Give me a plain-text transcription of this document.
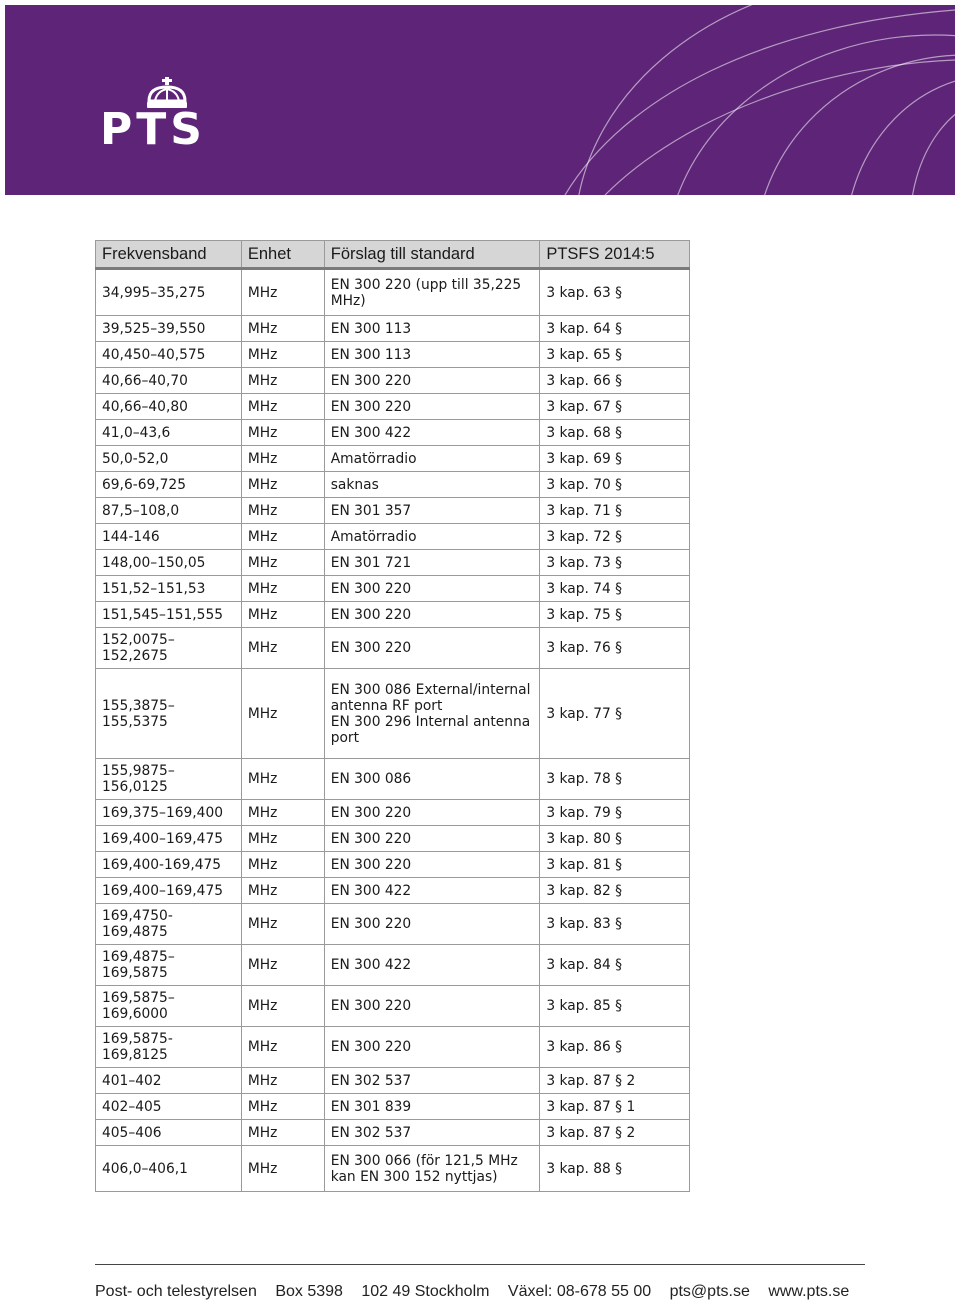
PTS
Frekvensband	Enhet	Förslag till standard	PTSFS 2014:5

34,995–35,275	MHz	EN 300 220 (upp till 35,225
MHz)	3 kap. 63 §

39,525–39,550	MHz	EN 300 113	3 kap. 64 §

40,450–40,575	MHz	EN 300 113	3 kap. 65 §

40,66–40,70	MHz	EN 300 220	3 kap. 66 §

40,66–40,80	MHz	EN 300 220	3 kap. 67 §

41,0–43,6	MHz	EN 300 422	3 kap. 68 §

50,0-52,0	MHz	Amatörradio	3 kap. 69 §

69,6-69,725	MHz	saknas	3 kap. 70 §

87,5–108,0	MHz	EN 301 357	3 kap. 71 §

144-146	MHz	Amatörradio	3 kap. 72 §

148,00–150,05	MHz	EN 301 721	3 kap. 73 §

151,52–151,53	MHz	EN 300 220	3 kap. 74 §

151,545–151,555	MHz	EN 300 220	3 kap. 75 §

152,0075–
152,2675	MHz	EN 300 220	3 kap. 76 §

155,3875–
155,5375	MHz	EN 300 086 External/internal
antenna RF port
EN 300 296 Internal antenna
port	3 kap. 77 §

155,9875–
156,0125	MHz	EN 300 086	3 kap. 78 §

169,375–169,400	MHz	EN 300 220	3 kap. 79 §

169,400–169,475	MHz	EN 300 220	3 kap. 80 §

169,400-169,475	MHz	EN 300 220	3 kap. 81 §

169,400–169,475	MHz	EN 300 422	3 kap. 82 §

169,4750-
169,4875	MHz	EN 300 220	3 kap. 83 §

169,4875–
169,5875	MHz	EN 300 422	3 kap. 84 §

169,5875–
169,6000	MHz	EN 300 220	3 kap. 85 §

169,5875-
169,8125	MHz	EN 300 220	3 kap. 86 §

401–402	MHz	EN 302 537	3 kap. 87 § 2

402–405	MHz	EN 301 839	3 kap. 87 § 1

405–406	MHz	EN 302 537	3 kap. 87 § 2

406,0–406,1	MHz	EN 300 066 (för 121,5 MHz
kan EN 300 152 nyttjas)	3 kap. 88 §
Post- och telestyrelsen Box 5398 102 49 Stockholm Växel: 08-678 55 00 pts@pts.se www.pts.se
